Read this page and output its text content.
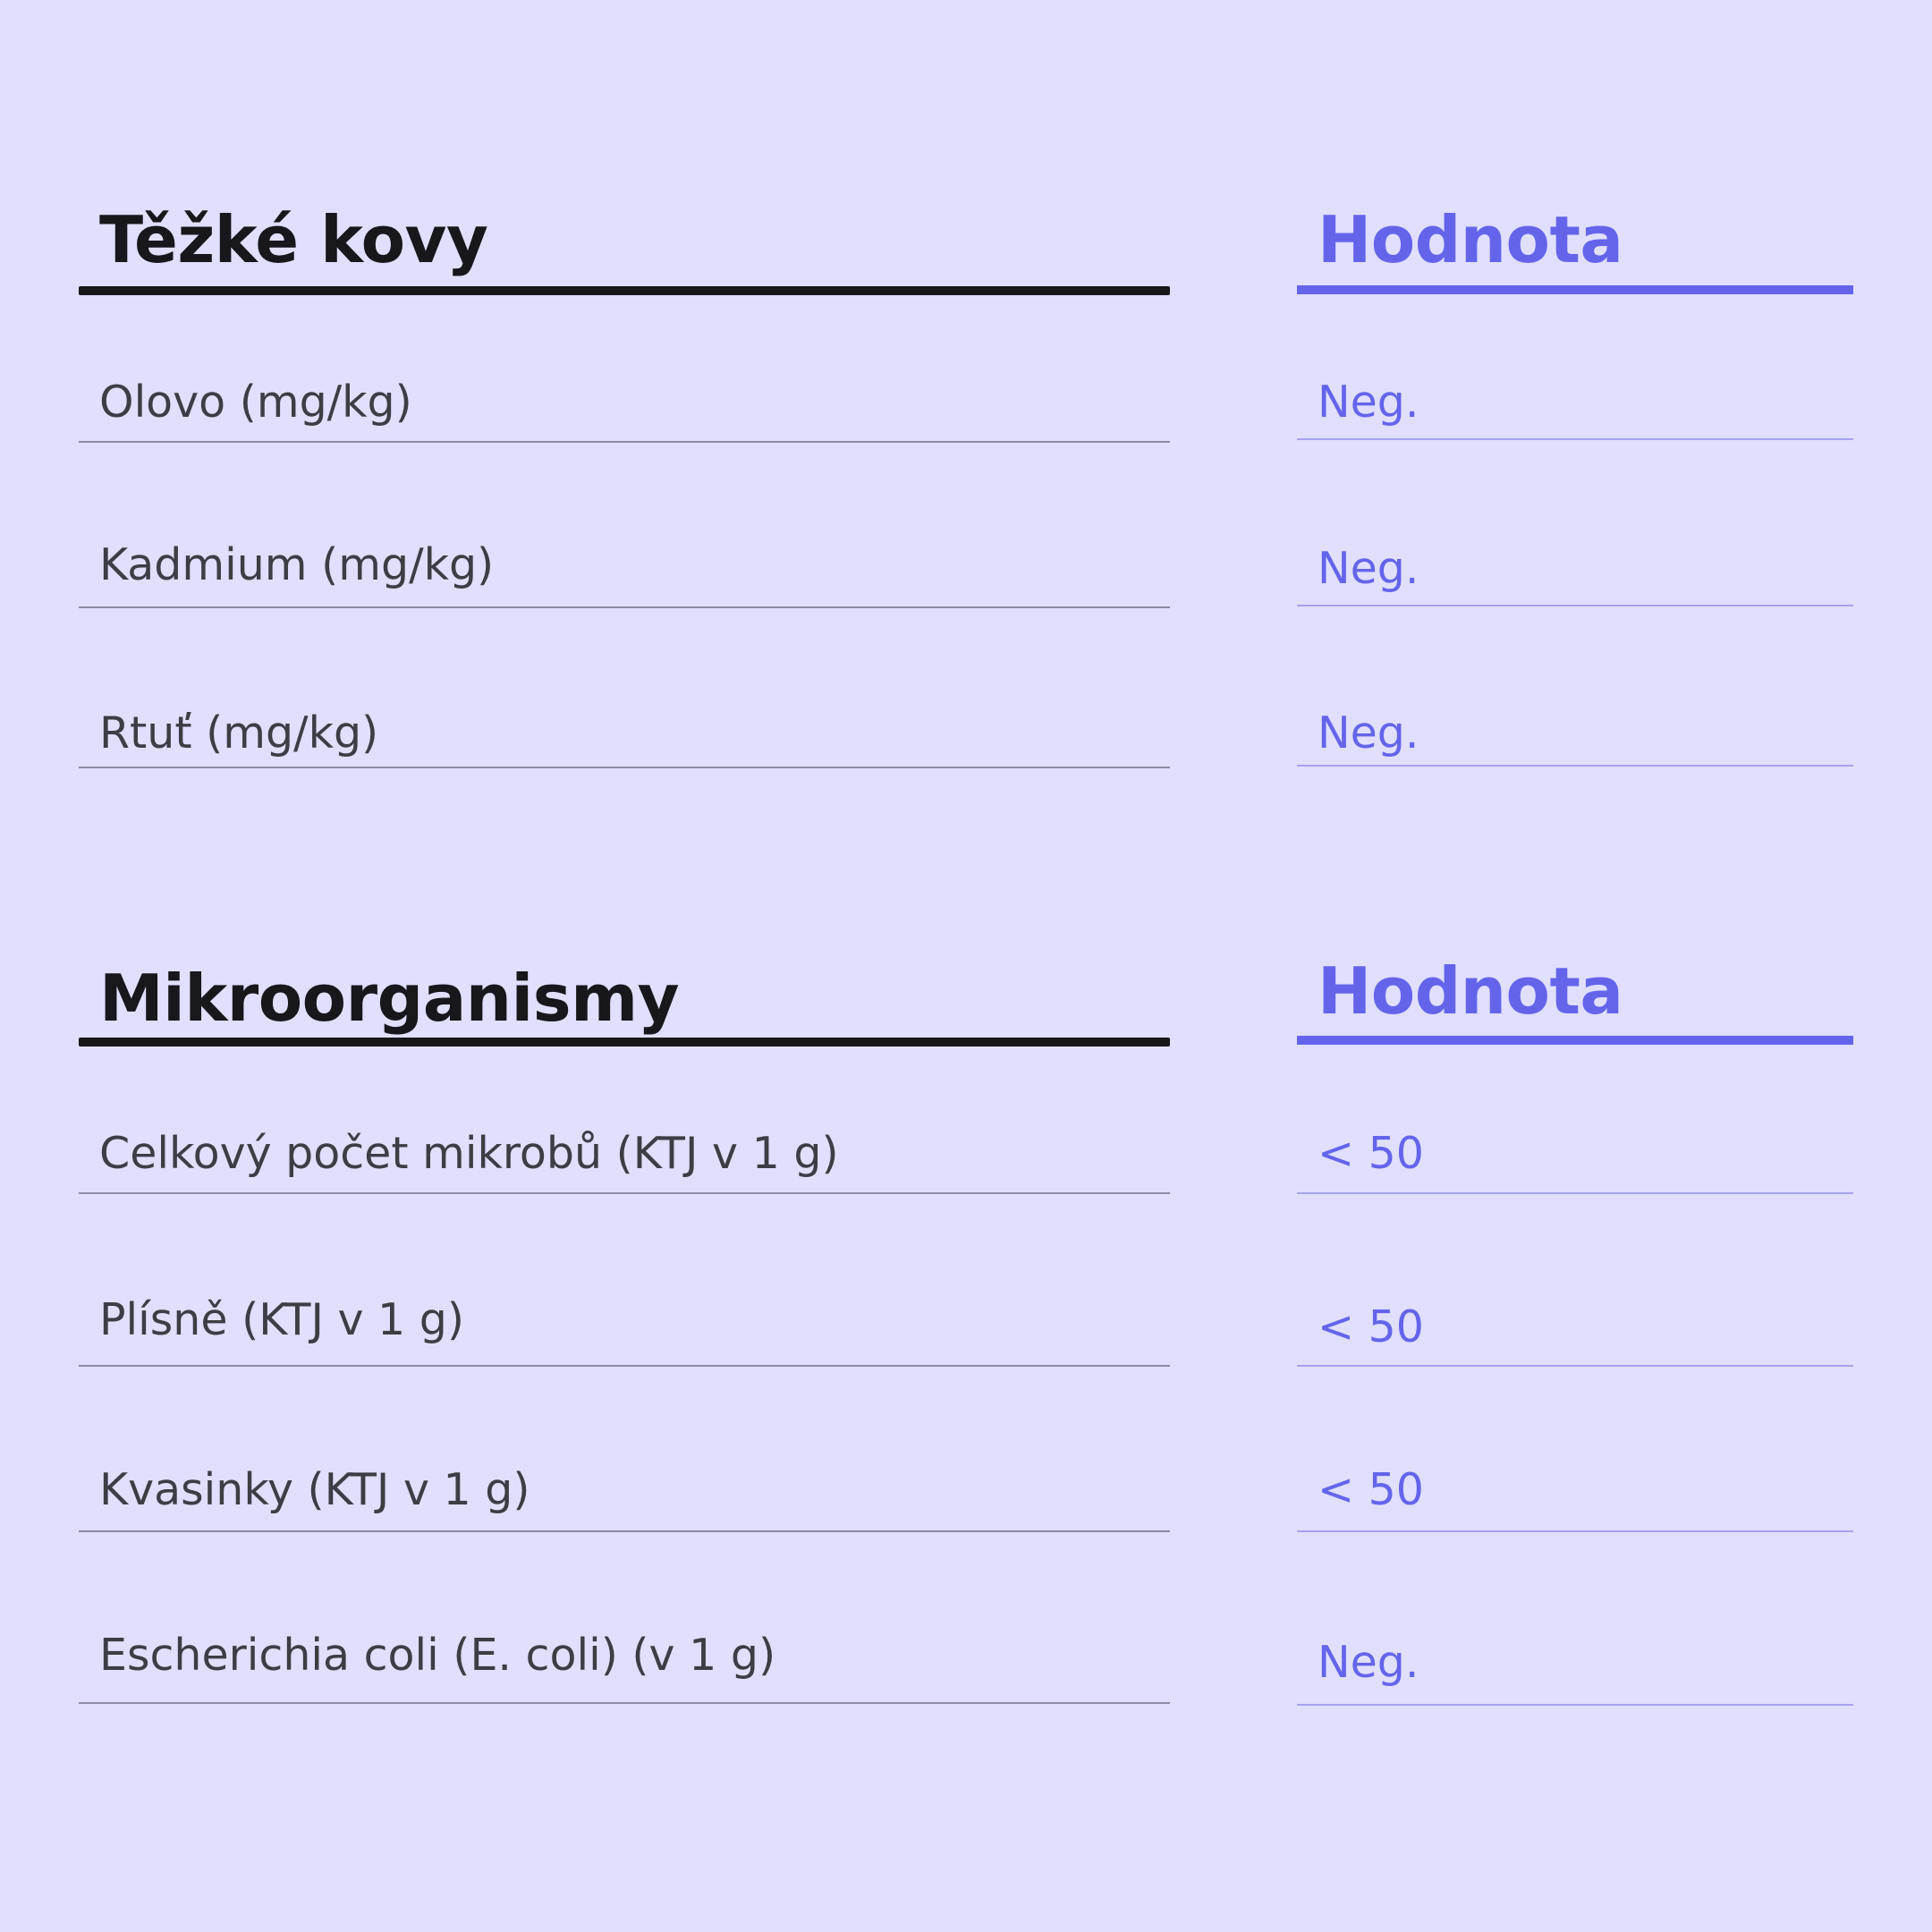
Těžké kovy	Hodnota
Olovo (mg/kg)	Neg.
Kadmium (mg/kg)	Neg.
Rtuť (mg/kg)	Neg.
Mikroorganismy	Hodnota
Celkový počet mikrobů (KTJ v 1 g)	< 50
Plísně (KTJ v 1 g)	< 50
Kvasinky (KTJ v 1 g)	< 50
Escherichia coli (E. coli) (v 1 g)	Neg.
